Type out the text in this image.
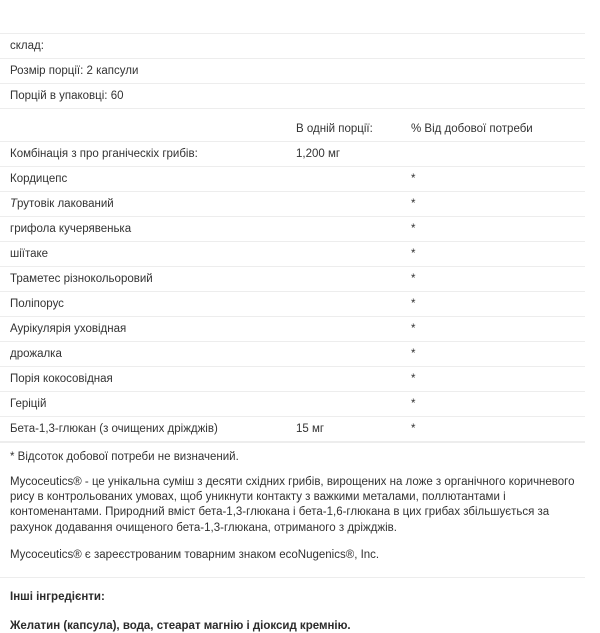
склад:		
Розмір порції: 2 капсули		
Порцій в упаковці: 60		

	В одній порції:	% Від добової потреби
Комбінація з про рганіческіх грибів:	1,200 мг	
Кордицепс		*
Трутовік лакований		*
грифола кучерявенька		*
шіїтаке		*
Траметес різнокольоровий		*
Поліпорус		*
Аурікулярія уховідная		*
дрожалка		*
Порія кокосовідная		*
Геріцій		*
Бета-1,3-глюкан (з очищених дріжджів)	15 мг	*

* Відсоток добової потреби не визначений.

Mycoceutics® - це унікальна суміш з десяти східних грибів, вирощених на ложе з органічного коричневого рису в контрольованих умовах, щоб уникнути контакту з важкими металами, поллютантами і контоменантами. Природний вміст бета-1,3-глюкана і бета-1,6-глюкана в цих грибах збільшується за рахунок додавання очищеного бета-1,3-глюкана, отриманого з дріжджів.

Mycoceutics® є зареєстрованим товарним знаком ecoNugenics®, Inc.

Інші інгредієнти:

Желатин (капсула), вода, стеарат магнію і діоксид кремнію.
